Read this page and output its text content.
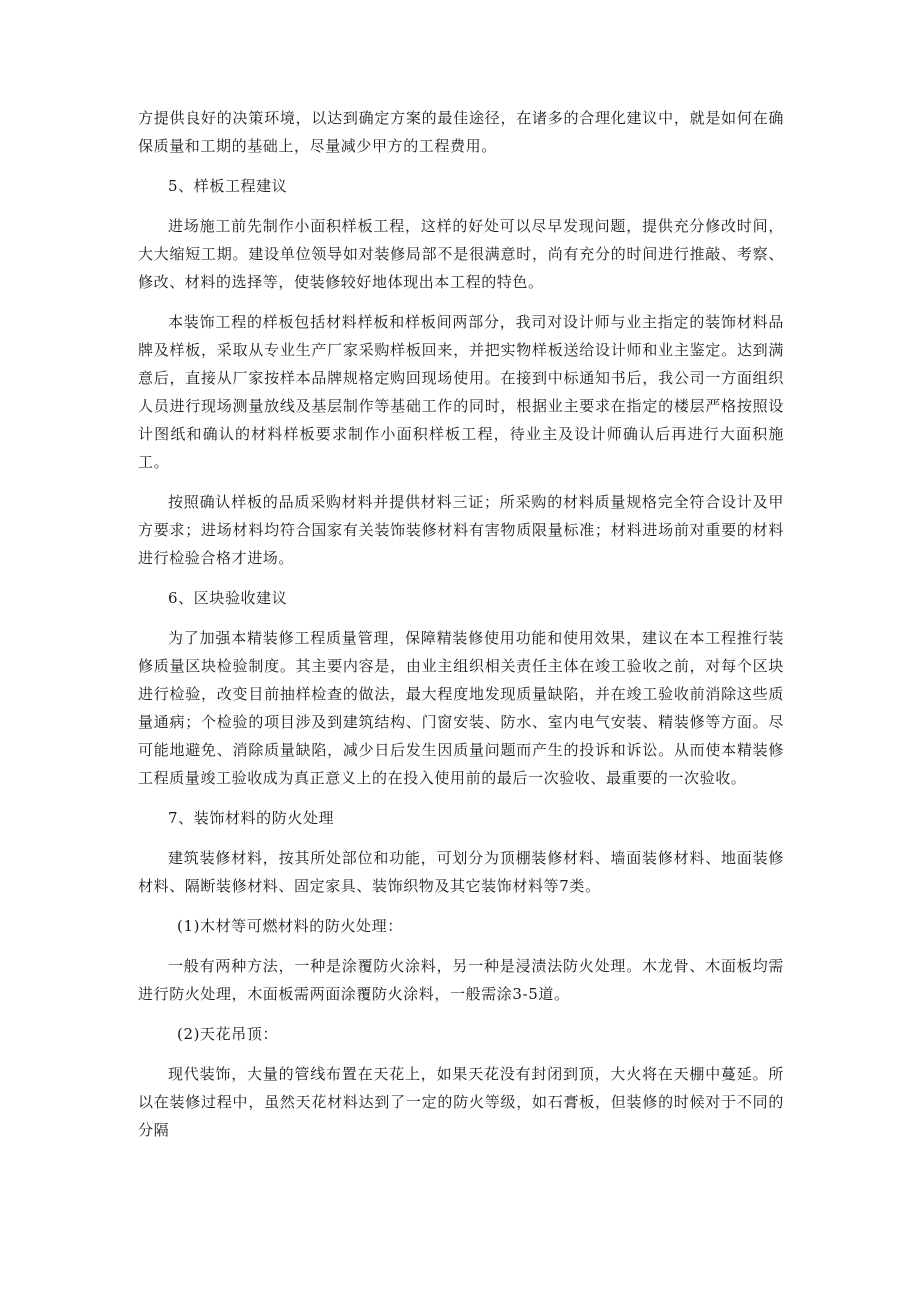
方提供良好的决策环境，以达到确定方案的最佳途径，在诸多的合理化建议中，就是如何在确保质量和工期的基础上，尽量减少甲方的工程费用。

5、样板工程建议

进场施工前先制作小面积样板工程，这样的好处可以尽早发现问题，提供充分修改时间，大大缩短工期。建设单位领导如对装修局部不是很满意时，尚有充分的时间进行推敲、考察、修改、材料的选择等，使装修较好地体现出本工程的特色。

本装饰工程的样板包括材料样板和样板间两部分，我司对设计师与业主指定的装饰材料品牌及样板，采取从专业生产厂家采购样板回来，并把实物样板送给设计师和业主鉴定。达到满意后，直接从厂家按样本品牌规格定购回现场使用。在接到中标通知书后，我公司一方面组织人员进行现场测量放线及基层制作等基础工作的同时，根据业主要求在指定的楼层严格按照设计图纸和确认的材料样板要求制作小面积样板工程，待业主及设计师确认后再进行大面积施工。

按照确认样板的品质采购材料并提供材料三证；所采购的材料质量规格完全符合设计及甲方要求；进场材料均符合国家有关装饰装修材料有害物质限量标准；材料进场前对重要的材料进行检验合格才进场。

6、区块验收建议

为了加强本精装修工程质量管理，保障精装修使用功能和使用效果，建议在本工程推行装修质量区块检验制度。其主要内容是，由业主组织相关责任主体在竣工验收之前，对每个区块进行检验，改变目前抽样检查的做法，最大程度地发现质量缺陷，并在竣工验收前消除这些质量通病；个检验的项目涉及到建筑结构、门窗安装、防水、室内电气安装、精装修等方面。尽可能地避免、消除质量缺陷，减少日后发生因质量问题而产生的投诉和诉讼。从而使本精装修工程质量竣工验收成为真正意义上的在投入使用前的最后一次验收、最重要的一次验收。

7、装饰材料的防火处理

建筑装修材料，按其所处部位和功能，可划分为顶棚装修材料、墙面装修材料、地面装修材料、隔断装修材料、固定家具、装饰织物及其它装饰材料等7类。

(1)木材等可燃材料的防火处理：

一般有两种方法，一种是涂覆防火涂料，另一种是浸渍法防火处理。木龙骨、木面板均需进行防火处理，木面板需两面涂覆防火涂料，一般需涂3-5道。

(2)天花吊顶：

现代装饰，大量的管线布置在天花上，如果天花没有封闭到顶，大火将在天棚中蔓延。所以在装修过程中，虽然天花材料达到了一定的防火等级，如石膏板，但装修的时候对于不同的分隔
